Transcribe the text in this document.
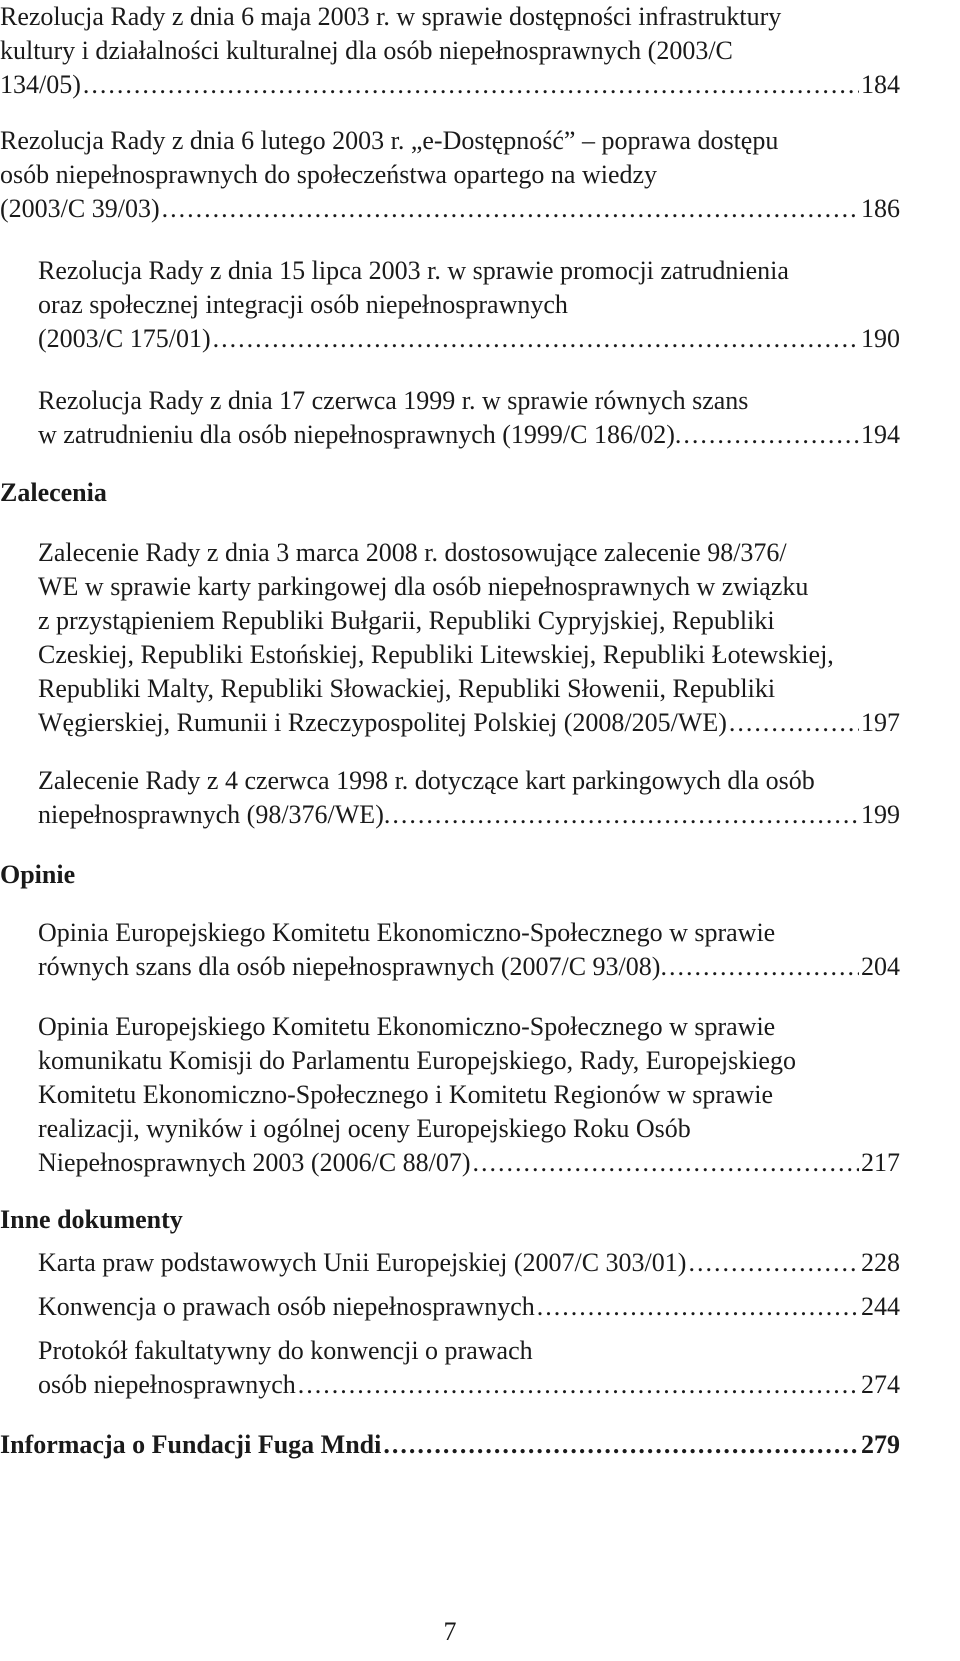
Rezolucja Rady z dnia 6 maja 2003 r. w sprawie dostępności infrastruktury
kultury i działalności kulturalnej dla osób niepełnosprawnych (2003/C
134/05) .....	184
Rezolucja Rady z dnia 6 lutego 2003 r. „e-Dostępność” – poprawa dostępu
osób niepełnosprawnych do społeczeństwa opartego na wiedzy
(2003/C 39/03) .....	186
Rezolucja Rady z dnia 15 lipca 2003 r. w sprawie promocji zatrudnienia
oraz społecznej integracji osób niepełnosprawnych
(2003/C 175/01) .....	190
Rezolucja Rady z dnia 17 czerwca 1999 r. w sprawie równych szans
w zatrudnieniu dla osób niepełnosprawnych (1999/C 186/02). .....	194
Zalecenia
Zalecenie Rady z dnia 3 marca 2008 r. dostosowujące zalecenie 98/376/
WE w sprawie karty parkingowej dla osób niepełnosprawnych w związku
z przystąpieniem Republiki Bułgarii, Republiki Cypryjskiej, Republiki
Czeskiej, Republiki Estońskiej, Republiki Litewskiej, Republiki Łotewskiej,
Republiki Malty, Republiki Słowackiej, Republiki Słowenii, Republiki
Węgierskiej, Rumunii i Rzeczypospolitej Polskiej (2008/205/WE) .....	197
Zalecenie Rady z 4 czerwca 1998 r. dotyczące kart parkingowych dla osób
niepełnosprawnych (98/376/WE). .....	199
Opinie
Opinia Europejskiego Komitetu Ekonomiczno-Społecznego w sprawie
równych szans dla osób niepełnosprawnych (2007/C 93/08). .....	204
Opinia Europejskiego Komitetu Ekonomiczno-Społecznego w sprawie
komunikatu Komisji do Parlamentu Europejskiego, Rady, Europejskiego
Komitetu Ekonomiczno-Społecznego i Komitetu Regionów w sprawie
realizacji, wyników i ogólnej oceny Europejskiego Roku Osób
Niepełnosprawnych 2003 (2006/C 88/07) .....	217
Inne dokumenty
Karta praw podstawowych Unii Europejskiej (2007/C 303/01) .....	228
Konwencja o prawach osób niepełnosprawnych .....	244
Protokół fakultatywny do konwencji o prawach
osób niepełnosprawnych .....	274
Informacja o Fundacji Fuga Mndi .....	279
7
